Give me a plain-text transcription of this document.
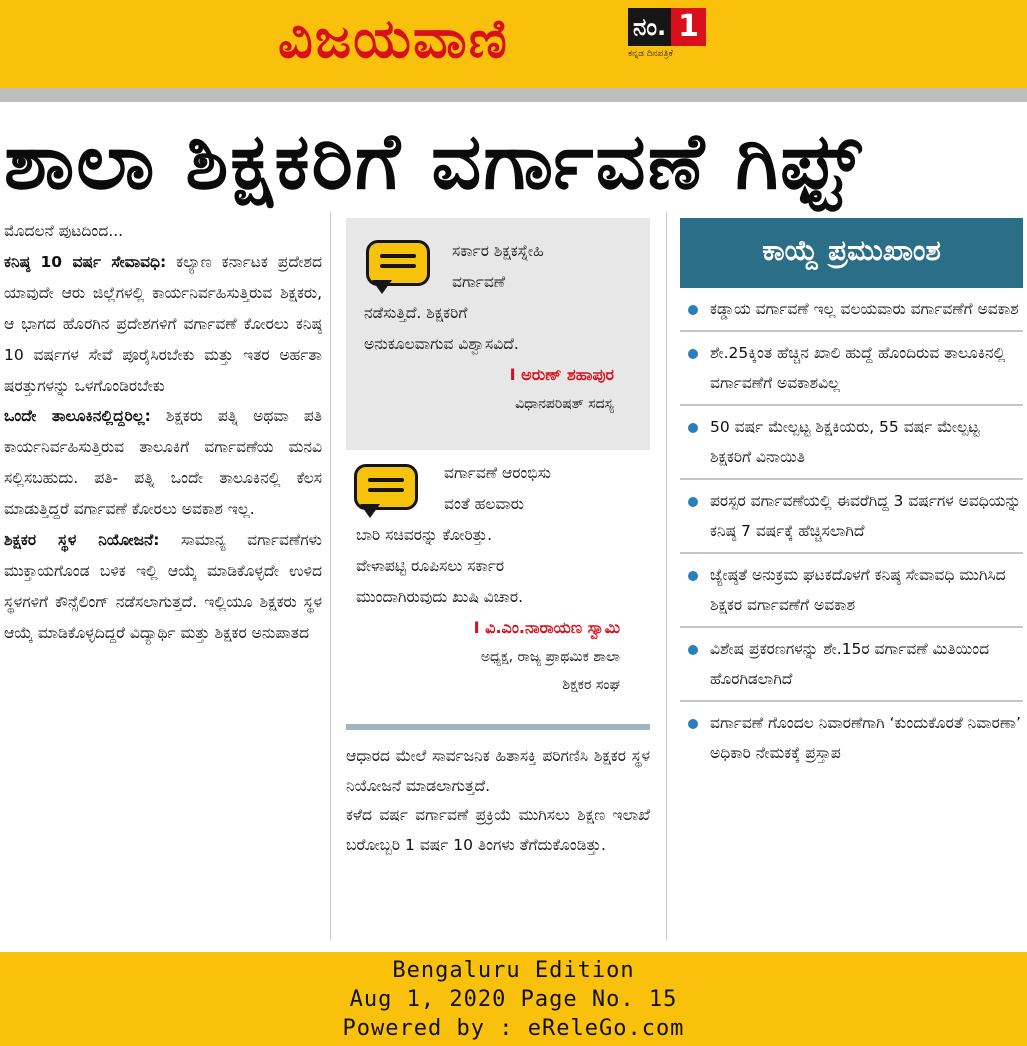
ವಿಜಯವಾಣಿ	ನಂ. 1
ಕನ್ನಡ ದಿನಪತ್ರಿಕೆ
ಶಾಲಾ ಶಿಕ್ಷಕರಿಗೆ ವರ್ಗಾವಣೆ ಗಿಫ್ಟ್
ಮೊದಲನೆ ಪುಟದಿಂದ...

ಕನಿಷ್ಠ 10 ವರ್ಷ ಸೇವಾವಧಿ: ಕಲ್ಯಾಣ ಕರ್ನಾಟಕ ಪ್ರದೇಶದ ಯಾವುದೇ ಆರು ಜಿಲ್ಲೆಗಳಲ್ಲಿ ಕಾರ್ಯನಿರ್ವಹಿಸುತ್ತಿರುವ ಶಿಕ್ಷಕರು, ಆ ಭಾಗದ ಹೊರಗಿನ ಪ್ರದೇಶಗಳಿಗೆ ವರ್ಗಾವಣೆ ಕೋರಲು ಕನಿಷ್ಠ 10 ವರ್ಷಗಳ ಸೇವೆ ಪೂರೈಸಿರಬೇಕು ಮತ್ತು ಇತರ ಅರ್ಹತಾ ಷರತ್ತುಗಳನ್ನು ಒಳಗೊಂಡಿರಬೇಕು

ಒಂದೇ ತಾಲೂಕಿನಲ್ಲಿದ್ದರಿಲ್ಲ: ಶಿಕ್ಷಕರು ಪತ್ನಿ ಅಥವಾ ಪತಿ ಕಾರ್ಯನಿರ್ವಹಿಸುತ್ತಿರುವ ತಾಲೂಕಿಗೆ ವರ್ಗಾವಣೆಯ ಮನವಿ ಸಲ್ಲಿಸಬಹುದು. ಪತಿ- ಪತ್ನಿ ಒಂದೇ ತಾಲೂಕಿನಲ್ಲಿ ಕೆಲಸ ಮಾಡುತ್ತಿದ್ದರೆ ವರ್ಗಾವಣೆ ಕೋರಲು ಅವಕಾಶ ಇಲ್ಲ.

ಶಿಕ್ಷಕರ ಸ್ಥಳ ನಿಯೋಜನೆ: ಸಾಮಾನ್ಯ ವರ್ಗಾವಣೆಗಳು ಮುಕ್ತಾಯಗೊಂಡ ಬಳಿಕ ಇಲ್ಲಿ ಆಯ್ಕೆ ಮಾಡಿಕೊಳ್ಳದೇ ಉಳಿದ ಸ್ಥಳಗಳಿಗೆ ಕೌನ್ಸೆಲಿಂಗ್ ನಡೆಸಲಾಗುತ್ತದೆ. ಇಲ್ಲಿಯೂ ಶಿಕ್ಷಕರು ಸ್ಥಳ ಆಯ್ಕೆ ಮಾಡಿಕೊಳ್ಳದಿದ್ದರೆ ವಿದ್ಯಾರ್ಥಿ ಮತ್ತು ಶಿಕ್ಷಕರ ಅನುಪಾತದ

ಸರ್ಕಾರ ಶಿಕ್ಷಕಸ್ನೇಹಿ
ವರ್ಗಾವಣೆ
ನಡೆಸುತ್ತಿದೆ. ಶಿಕ್ಷಕರಿಗೆ
ಅನುಕೂಲವಾಗುವ ವಿಶ್ವಾಸವಿದೆ.
I ಅರುಣ್ ಶಹಾಪುರ
ವಿಧಾನಪರಿಷತ್ ಸದಸ್ಯ
ವರ್ಗಾವಣೆ ಆರಂಭಿಸು
ವಂತೆ ಹಲವಾರು
ಬಾರಿ ಸಚಿವರನ್ನು ಕೋರಿತ್ತು.
ವೇಳಾಪಟ್ಟಿ ರೂಪಿಸಲು ಸರ್ಕಾರ
ಮುಂದಾಗಿರುವುದು ಖುಷಿ ವಿಚಾರ.
I ವಿ.ಎಂ.ನಾರಾಯಣ ಸ್ವಾಮಿ
ಅಧ್ಯಕ್ಷ, ರಾಜ್ಯ ಪ್ರಾಥಮಿಕ ಶಾಲಾ
ಶಿಕ್ಷಕರ ಸಂಘ

ಆಧಾರದ ಮೇಲೆ ಸಾರ್ವಜನಿಕ ಹಿತಾಸಕ್ತಿ ಪರಿಗಣಿಸಿ ಶಿಕ್ಷಕರ ಸ್ಥಳ ನಿಯೋಜನೆ ಮಾಡಲಾಗುತ್ತದೆ.

ಕಳೆದ ವರ್ಷ ವರ್ಗಾವಣೆ ಪ್ರಕ್ರಿಯೆ ಮುಗಿಸಲು ಶಿಕ್ಷಣ ಇಲಾಖೆ ಬರೋಬ್ಬರಿ 1 ವರ್ಷ 10 ತಿಂಗಳು ತೆಗೆದುಕೊಂಡಿತ್ತು.

ಕಾಯ್ದೆ ಪ್ರಮುಖಾಂಶ
ಕಡ್ಡಾಯ ವರ್ಗಾವಣೆ ಇಲ್ಲ ವಲಯವಾರು ವರ್ಗಾವಣೆಗೆ ಅವಕಾಶ
ಶೇ.25ಕ್ಕಿಂತ ಹೆಚ್ಚಿನ ಖಾಲಿ ಹುದ್ದೆ ಹೊಂದಿರುವ ತಾಲೂಕಿನಲ್ಲಿ ವರ್ಗಾವಣೆಗೆ ಅವಕಾಶವಿಲ್ಲ
50 ವರ್ಷ ಮೇಲ್ಪಟ್ಟ ಶಿಕ್ಷಕಿಯರು, 55 ವರ್ಷ ಮೇಲ್ಪಟ್ಟ ಶಿಕ್ಷಕರಿಗೆ ವಿನಾಯಿತಿ
ಪರಸ್ಪರ ವರ್ಗಾವಣೆಯಲ್ಲಿ ಈವರೆಗಿದ್ದ 3 ವರ್ಷಗಳ ಅವಧಿಯನ್ನು ಕನಿಷ್ಠ 7 ವರ್ಷಕ್ಕೆ ಹೆಚ್ಚಿಸಲಾಗಿದೆ
ಜ್ಯೇಷ್ಠತೆ ಅನುಕ್ರಮ ಘಟಕದೊಳಗೆ ಕನಿಷ್ಠ ಸೇವಾವಧಿ ಮುಗಿಸಿದ ಶಿಕ್ಷಕರ ವರ್ಗಾವಣೆಗೆ ಅವಕಾಶ
ವಿಶೇಷ ಪ್ರಕರಣಗಳನ್ನು ಶೇ.15ರ ವರ್ಗಾವಣೆ ಮಿತಿಯಿಂದ ಹೊರಗಿಡಲಾಗಿದೆ
ವರ್ಗಾವಣೆ ಗೊಂದಲ ನಿವಾರಣೆಗಾಗಿ ‘ಕುಂದುಕೊರತೆ ನಿವಾರಣಾ’ ಅಧಿಕಾರಿ ನೇಮಕಕ್ಕೆ ಪ್ರಸ್ತಾಪ
Bengaluru Edition
Aug 1, 2020 Page No. 15
Powered by : eReleGo.com
